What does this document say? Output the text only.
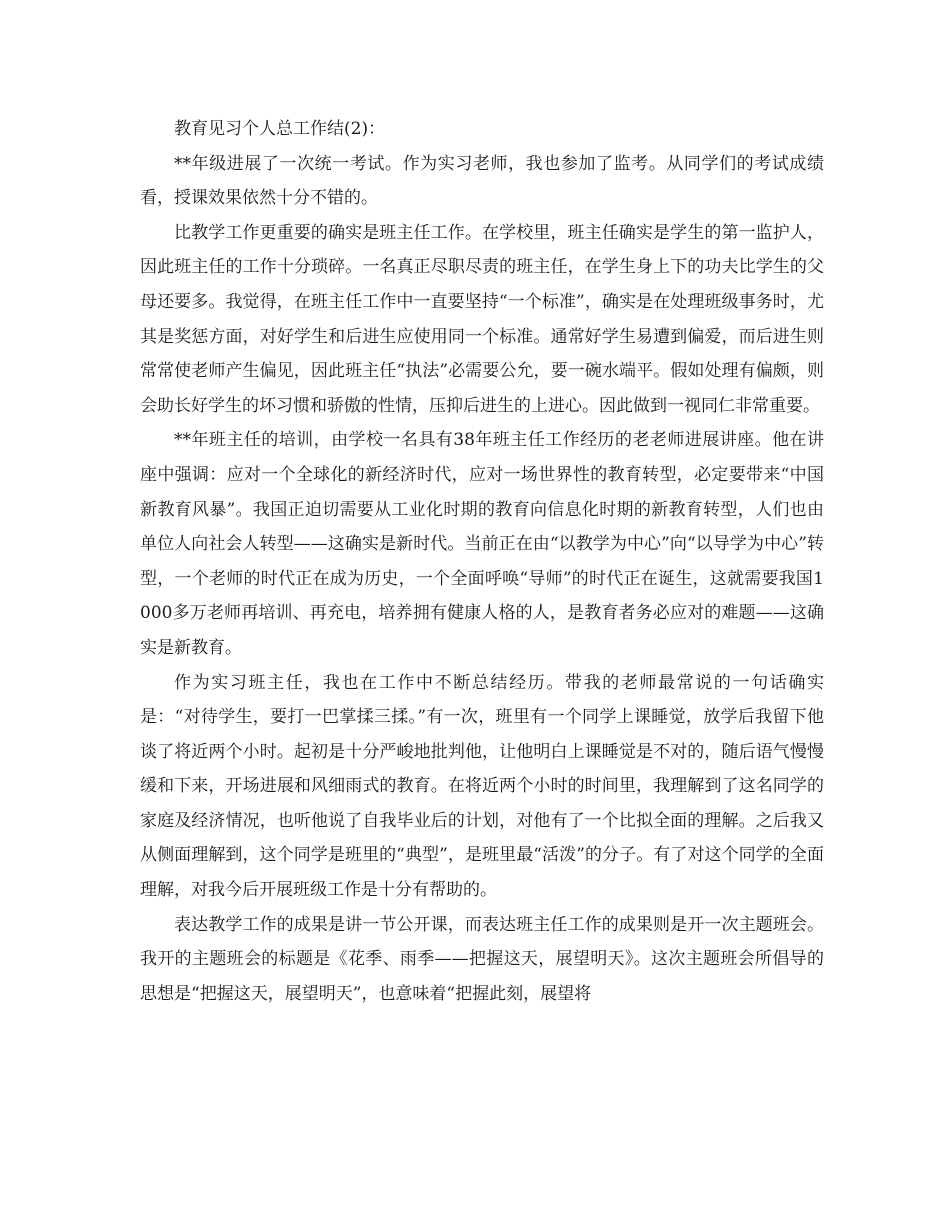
教育见习个人总工作结(2)：

**年级进展了一次统一考试。作为实习老师，我也参加了监考。从同学们的考试成绩看，授课效果依然十分不错的。

比教学工作更重要的确实是班主任工作。在学校里，班主任确实是学生的第一监护人，因此班主任的工作十分琐碎。一名真正尽职尽责的班主任，在学生身上下的功夫比学生的父母还要多。我觉得，在班主任工作中一直要坚持“一个标准”，确实是在处理班级事务时，尤其是奖惩方面，对好学生和后进生应使用同一个标准。通常好学生易遭到偏爱，而后进生则常常使老师产生偏见，因此班主任“执法”必需要公允，要一碗水端平。假如处理有偏颇，则会助长好学生的坏习惯和骄傲的性情，压抑后进生的上进心。因此做到一视同仁非常重要。

**年班主任的培训，由学校一名具有38年班主任工作经历的老老师进展讲座。他在讲座中强调：应对一个全球化的新经济时代，应对一场世界性的教育转型，必定要带来“中国新教育风暴”。我国正迫切需要从工业化时期的教育向信息化时期的新教育转型，人们也由单位人向社会人转型——这确实是新时代。当前正在由“以教学为中心”向“以导学为中心”转型，一个老师的时代正在成为历史，一个全面呼唤“导师”的时代正在诞生，这就需要我国1000多万老师再培训、再充电，培养拥有健康人格的人，是教育者务必应对的难题——这确实是新教育。

作为实习班主任，我也在工作中不断总结经历。带我的老师最常说的一句话确实是：“对待学生，要打一巴掌揉三揉。”有一次，班里有一个同学上课睡觉，放学后我留下他谈了将近两个小时。起初是十分严峻地批判他，让他明白上课睡觉是不对的，随后语气慢慢缓和下来，开场进展和风细雨式的教育。在将近两个小时的时间里，我理解到了这名同学的家庭及经济情况，也听他说了自我毕业后的计划，对他有了一个比拟全面的理解。之后我又从侧面理解到，这个同学是班里的“典型”，是班里最“活泼”的分子。有了对这个同学的全面理解，对我今后开展班级工作是十分有帮助的。

表达教学工作的成果是讲一节公开课，而表达班主任工作的成果则是开一次主题班会。我开的主题班会的标题是《花季、雨季——把握这天，展望明天》。这次主题班会所倡导的思想是“把握这天，展望明天”，也意味着“把握此刻，展望将
